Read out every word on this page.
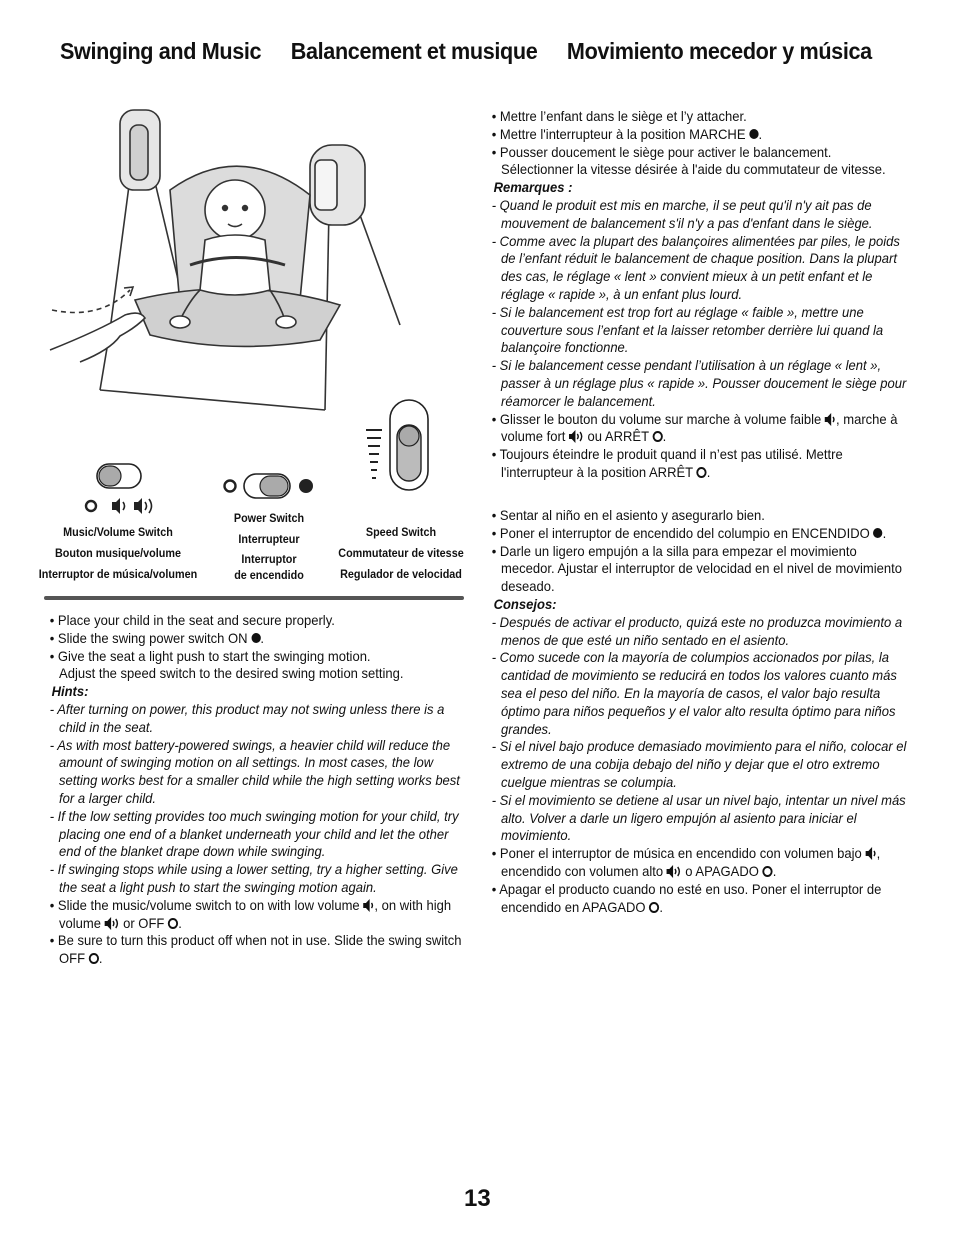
Swinging and Music Balancement et musique Movimiento mecedor y música
Music/Volume Switch
Bouton musique/volume
Interruptor de música/volumen
Power Switch
Interrupteur
Interruptor
de encendido
Speed Switch
Commutateur de vitesse
Regulador de velocidad

• Place your child in the seat and secure properly.

• Slide the swing power switch ON .

• Give the seat a light push to start the swinging motion.
Adjust the speed switch to the desired swing motion setting.

Hints:

- After turning on power, this product may not swing unless there is a child in the seat.

- As with most battery-powered swings, a heavier child will reduce the amount of swinging motion on all settings. In most cases, the low setting works best for a smaller child while the high setting works best for a larger child.

- If the low setting provides too much swinging motion for your child, try placing one end of a blanket underneath your child and let the other end of the blanket drape down while swinging.

- If swinging stops while using a lower setting, try a higher setting. Give the seat a light push to start the swinging motion again.

• Slide the music/volume switch to on with low volume , on with high volume or OFF .

• Be sure to turn this product off when not in use. Slide the swing switch OFF .

• Mettre l’enfant dans le siège et l’y attacher.

• Mettre l'interrupteur à la position MARCHE .

• Pousser doucement le siège pour activer le balancement.
Sélectionner la vitesse désirée à l'aide du commutateur de vitesse.

Remarques :

- Quand le produit est mis en marche, il se peut qu'il n'y ait pas de mouvement de balancement s'il n'y a pas d'enfant dans le siège.

- Comme avec la plupart des balançoires alimentées par piles, le poids de l’enfant réduit le balancement de chaque position. Dans la plupart des cas, le réglage « lent » convient mieux à un petit enfant et le réglage « rapide », à un enfant plus lourd.

- Si le balancement est trop fort au réglage « faible », mettre une couverture sous l’enfant et la laisser retomber derrière lui quand la balançoire fonctionne.

- Si le balancement cesse pendant l’utilisation à un réglage « lent », passer à un réglage plus « rapide ». Pousser doucement le siège pour réamorcer le balancement.

• Glisser le bouton du volume sur marche à volume faible , marche à volume fort ou ARRÊT .

• Toujours éteindre le produit quand il n’est pas utilisé. Mettre l'interrupteur à la position ARRÊT .

• Sentar al niño en el asiento y asegurarlo bien.

• Poner el interruptor de encendido del columpio en ENCENDIDO .

• Darle un ligero empujón a la silla para empezar el movimiento mecedor. Ajustar el interruptor de velocidad en el nivel de movimiento deseado.

Consejos:

- Después de activar el producto, quizá este no produzca movimiento a menos de que esté un niño sentado en el asiento.

- Como sucede con la mayoría de columpios accionados por pilas, la cantidad de movimiento se reducirá en todos los valores cuanto más sea el peso del niño. En la mayoría de casos, el valor bajo resulta óptimo para niños pequeños y el valor alto resulta óptimo para niños grandes.

- Si el nivel bajo produce demasiado movimiento para el niño, colocar el extremo de una cobija debajo del niño y dejar que el otro extremo cuelgue mientras se columpia.

- Si el movimiento se detiene al usar un nivel bajo, intentar un nivel más alto. Volver a darle un ligero empujón al asiento para iniciar el movimiento.

• Poner el interruptor de música en encendido con volumen bajo , encendido con volumen alto o APAGADO .

• Apagar el producto cuando no esté en uso. Poner el interruptor de encendido en APAGADO .

13
